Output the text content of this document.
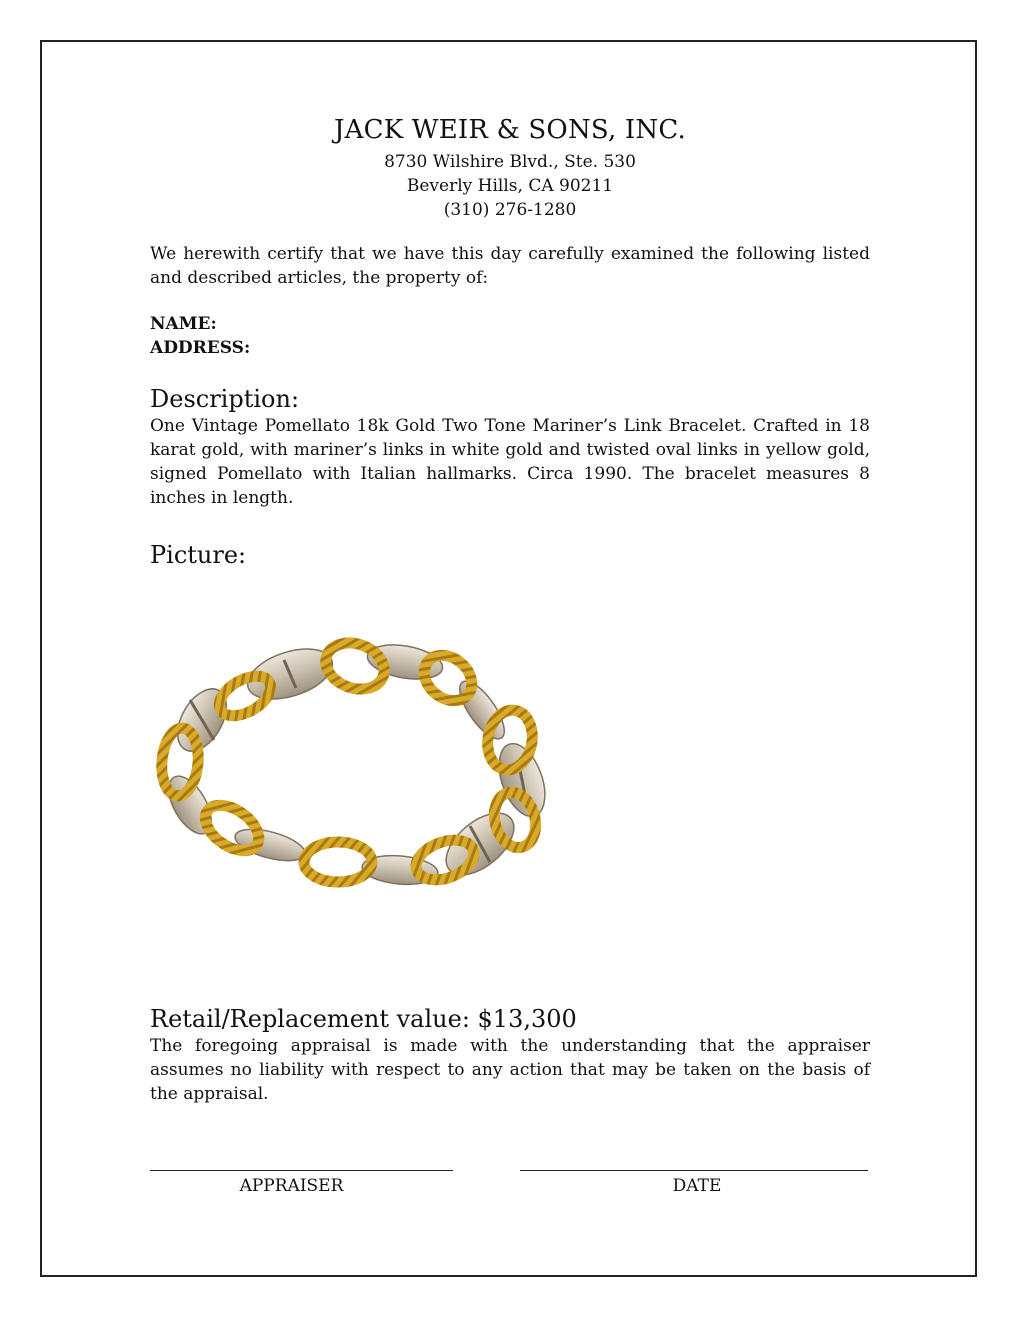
JACK WEIR & SONS, INC.
8730 Wilshire Blvd., Ste. 530
Beverly Hills, CA 90211
(310) 276-1280
We herewith certify that we have this day carefully examined the following listed and described articles, the property of:
NAME:
ADDRESS:
Description:
One Vintage Pomellato 18k Gold Two Tone Mariner’s Link Bracelet. Crafted in 18 karat gold, with mariner’s links in white gold and twisted oval links in yellow gold, signed Pomellato with Italian hallmarks. Circa 1990. The bracelet measures 8 inches in length.
Picture:
Retail/Replacement value: $13,300
The foregoing appraisal is made with the understanding that the appraiser assumes no liability with respect to any action that may be taken on the basis of the appraisal.
APPRAISER	DATE
